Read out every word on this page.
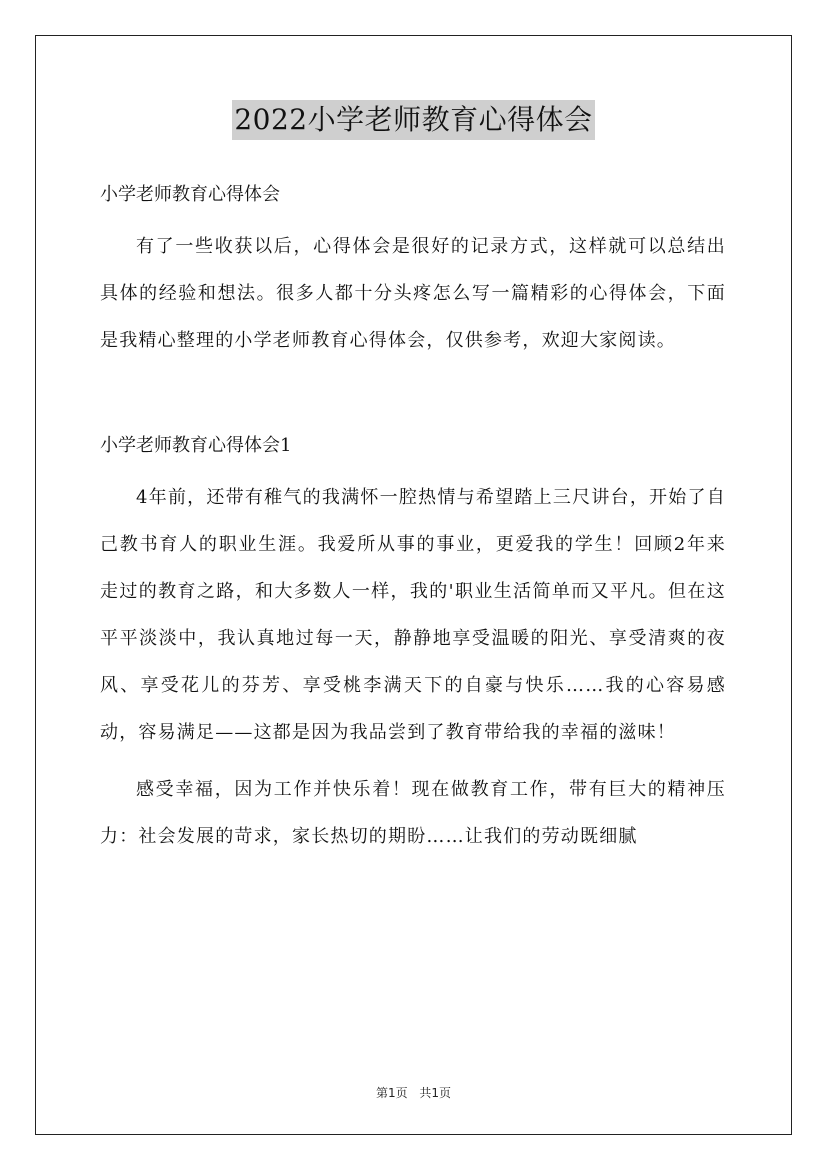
2022小学老师教育心得体会

小学老师教育心得体会

有了一些收获以后，心得体会是很好的记录方式，这样就可以总结出具体的经验和想法。很多人都十分头疼怎么写一篇精彩的心得体会，下面是我精心整理的小学老师教育心得体会，仅供参考，欢迎大家阅读。

小学老师教育心得体会1

4年前，还带有稚气的我满怀一腔热情与希望踏上三尺讲台，开始了自己教书育人的职业生涯。我爱所从事的事业，更爱我的学生！回顾2年来走过的教育之路，和大多数人一样，我的'职业生活简单而又平凡。但在这平平淡淡中，我认真地过每一天，静静地享受温暖的阳光、享受清爽的夜风、享受花儿的芬芳、享受桃李满天下的自豪与快乐……我的心容易感动，容易满足——这都是因为我品尝到了教育带给我的幸福的滋味！

感受幸福，因为工作并快乐着！现在做教育工作，带有巨大的精神压力：社会发展的苛求，家长热切的期盼……让我们的劳动既细腻

第1页 共1页
